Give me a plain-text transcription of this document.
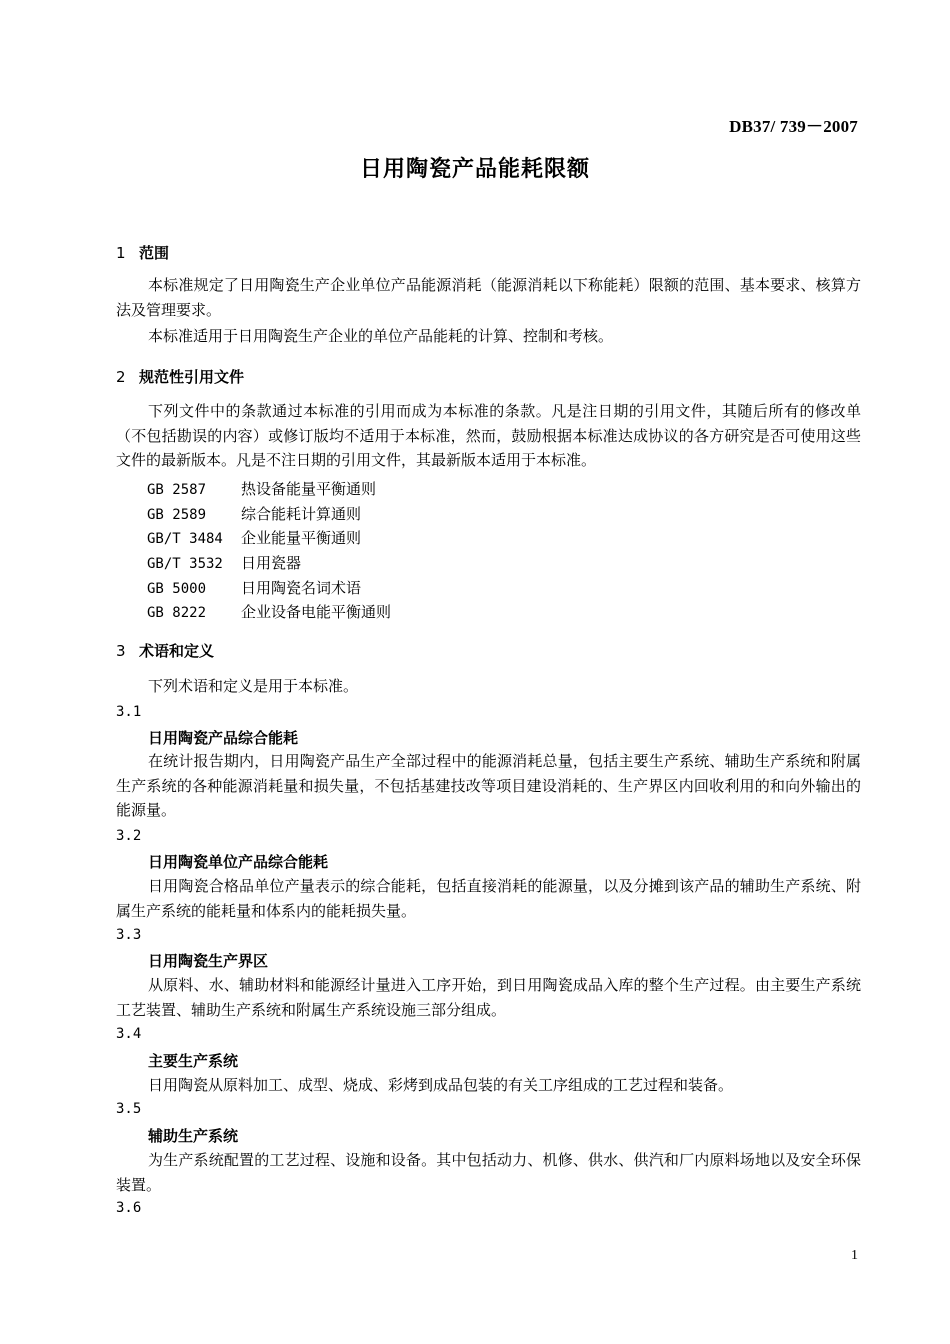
DB37/ 739－2007
日用陶瓷产品能耗限额
1 范围
本标准规定了日用陶瓷生产企业单位产品能源消耗（能源消耗以下称能耗）限额的范围、基本要求、核算方法及管理要求。
本标准适用于日用陶瓷生产企业的单位产品能耗的计算、控制和考核。
2 规范性引用文件
下列文件中的条款通过本标准的引用而成为本标准的条款。凡是注日期的引用文件，其随后所有的修改单（不包括勘误的内容）或修订版均不适用于本标准，然而，鼓励根据本标准达成协议的各方研究是否可使用这些文件的最新版本。凡是不注日期的引用文件，其最新版本适用于本标准。
GB 2587 热设备能量平衡通则
GB 2589 综合能耗计算通则
GB/T 3484 企业能量平衡通则
GB/T 3532 日用瓷器
GB 5000 日用陶瓷名词术语
GB 8222 企业设备电能平衡通则
3 术语和定义
下列术语和定义是用于本标准。
3.1
日用陶瓷产品综合能耗
在统计报告期内，日用陶瓷产品生产全部过程中的能源消耗总量，包括主要生产系统、辅助生产系统和附属生产系统的各种能源消耗量和损失量，不包括基建技改等项目建设消耗的、生产界区内回收利用的和向外输出的能源量。
3.2
日用陶瓷单位产品综合能耗
日用陶瓷合格品单位产量表示的综合能耗，包括直接消耗的能源量，以及分摊到该产品的辅助生产系统、附属生产系统的能耗量和体系内的能耗损失量。
3.3
日用陶瓷生产界区
从原料、水、辅助材料和能源经计量进入工序开始，到日用陶瓷成品入库的整个生产过程。由主要生产系统工艺装置、辅助生产系统和附属生产系统设施三部分组成。
3.4
主要生产系统
日用陶瓷从原料加工、成型、烧成、彩烤到成品包装的有关工序组成的工艺过程和装备。
3.5
辅助生产系统
为生产系统配置的工艺过程、设施和设备。其中包括动力、机修、供水、供汽和厂内原料场地以及安全环保装置。
3.6
1
